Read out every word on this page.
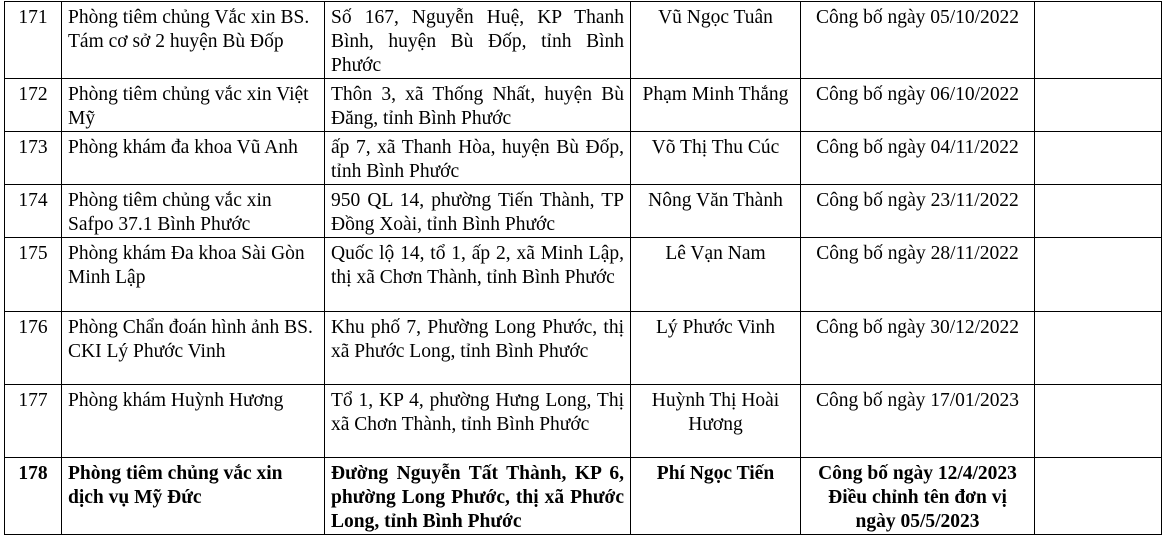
171	Phòng tiêm chủng Vắc xin BS. Tám cơ sở 2 huyện Bù Đốp	Số 167, Nguyễn Huệ, KP Thanh Bình, huyện Bù Đốp, tỉnh Bình Phước	Vũ Ngọc Tuân	Công bố ngày 05/10/2022	
172	Phòng tiêm chủng vắc xin Việt Mỹ	Thôn 3, xã Thống Nhất, huyện Bù Đăng, tỉnh Bình Phước	Phạm Minh Thắng	Công bố ngày 06/10/2022	
173	Phòng khám đa khoa Vũ Anh	ấp 7, xã Thanh Hòa, huyện Bù Đốp, tỉnh Bình Phước	Võ Thị Thu Cúc	Công bố ngày 04/11/2022	
174	Phòng tiêm chủng vắc xin Safpo 37.1 Bình Phước	950 QL 14, phường Tiến Thành, TP Đồng Xoài, tỉnh Bình Phước	Nông Văn Thành	Công bố ngày 23/11/2022	
175	Phòng khám Đa khoa Sài Gòn Minh Lập	Quốc lộ 14, tổ 1, ấp 2, xã Minh Lập, thị xã Chơn Thành, tỉnh Bình Phước	Lê Vạn Nam	Công bố ngày 28/11/2022	
176	Phòng Chẩn đoán hình ảnh BS. CKI Lý Phước Vinh	Khu phố 7, Phường Long Phước, thị xã Phước Long, tỉnh Bình Phước	Lý Phước Vinh	Công bố ngày 30/12/2022	
177	Phòng khám Huỳnh Hương	Tổ 1, KP 4, phường Hưng Long, Thị xã Chơn Thành, tỉnh Bình Phước	Huỳnh Thị Hoài Hương	Công bố ngày 17/01/2023	
178	Phòng tiêm chủng vắc xin dịch vụ Mỹ Đức	Đường Nguyễn Tất Thành, KP 6, phường Long Phước, thị xã Phước Long, tỉnh Bình Phước	Phí Ngọc Tiến	Công bố ngày 12/4/2023 Điều chỉnh tên đơn vị ngày 05/5/2023	
